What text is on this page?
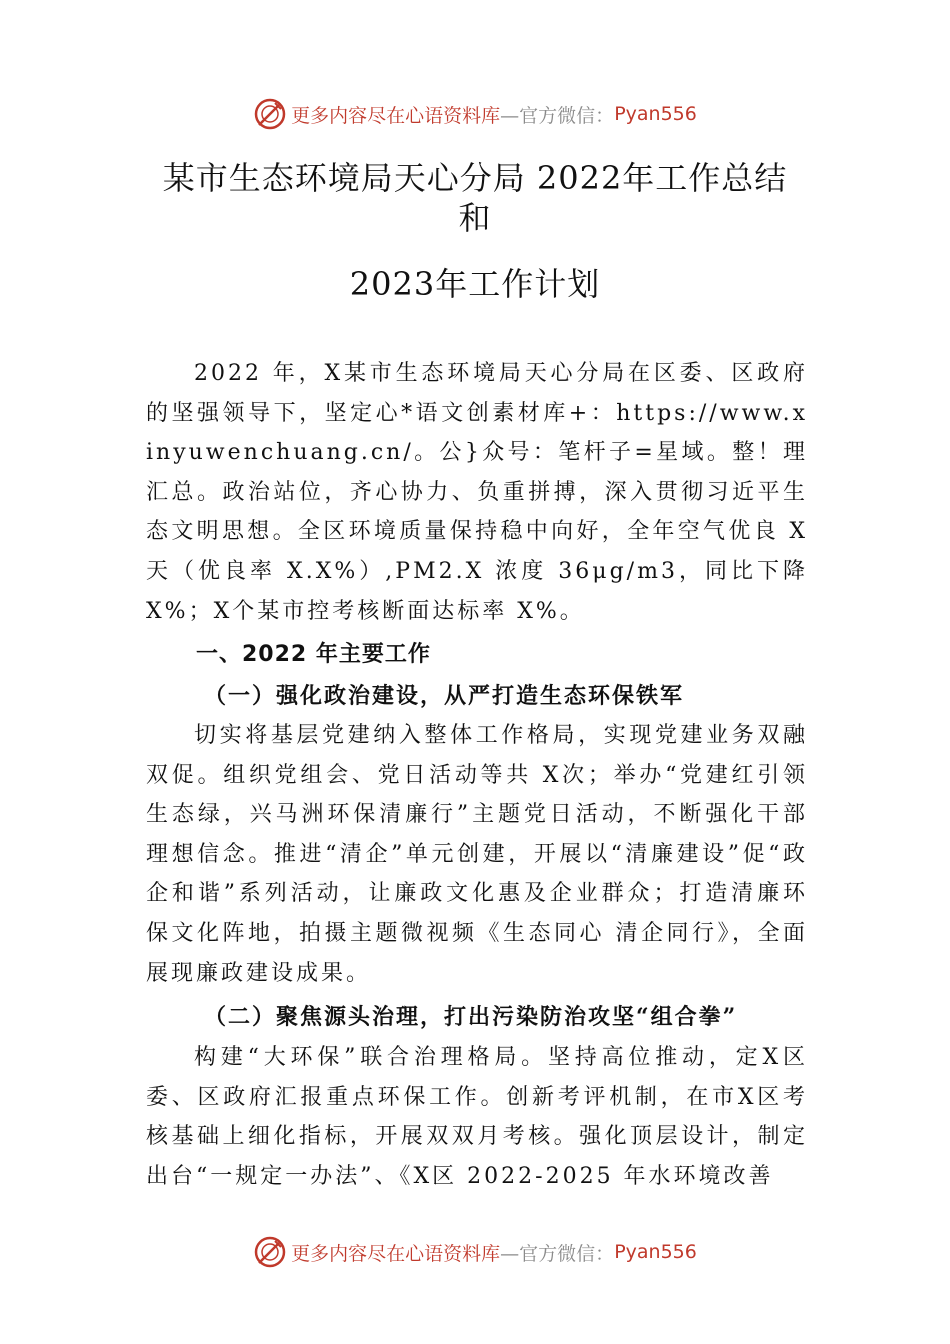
更多内容尽在心语资料库 —官方微信： Pyan556
某市生态环境局天心分局 2022年工作总结
和
2023年工作计划

2022 年，X某市生态环境局天心分局在区委、区政府的坚强领导下，坚定心*语文创素材库+：https://www.xinyuwenchuang.cn/。公}众号：笔杆子=星域。整！理汇总。政治站位，齐心协力、负重拼搏，深入贯彻习近平生态文明思想。全区环境质量保持稳中向好，全年空气优良 X 天（优良率 X.X%）,PM2.X 浓度 36μg/m3，同比下降 X%；X个某市控考核断面达标率 X%。

一、2022 年主要工作
（一）强化政治建设，从严打造生态环保铁军

切实将基层党建纳入整体工作格局，实现党建业务双融双促。组织党组会、党日活动等共 X次；举办“党建红引领生态绿，兴马洲环保清廉行”主题党日活动，不断强化干部理想信念。推进“清企”单元创建，开展以“清廉建设”促“政企和谐”系列活动，让廉政文化惠及企业群众；打造清廉环保文化阵地，拍摄主题微视频《生态同心 清企同行》，全面展现廉政建设成果。

（二）聚焦源头治理，打出污染防治攻坚“组合拳”

构建“大环保”联合治理格局。坚持高位推动，定X区委、区政府汇报重点环保工作。创新考评机制，在市X区考核基础上细化指标，开展双双月考核。强化顶层设计，制定出台“一规定一办法”、《X区 2022-2025 年水环境改善

更多内容尽在心语资料库 —官方微信： Pyan556
